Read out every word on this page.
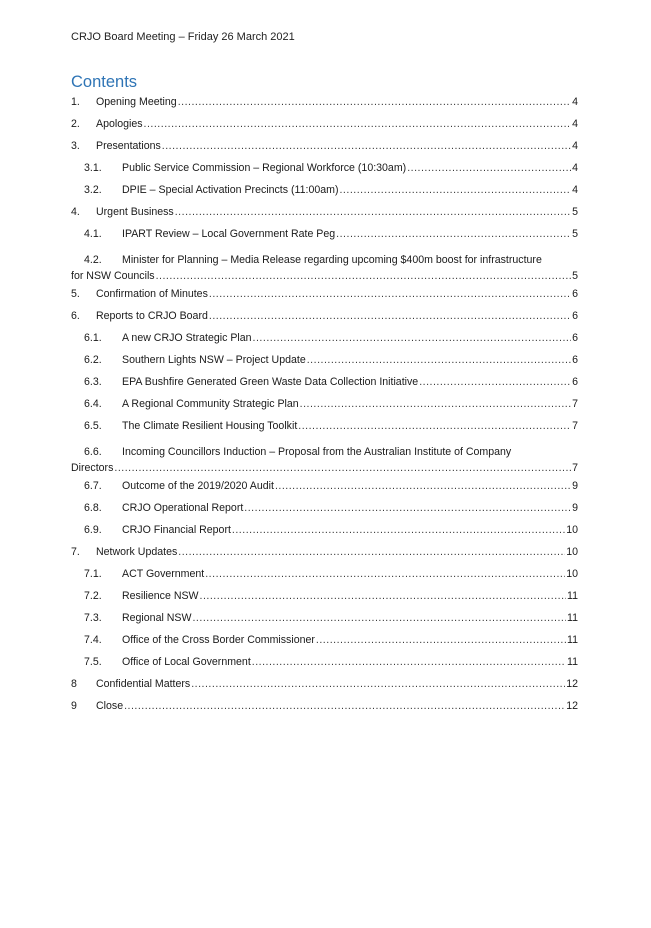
CRJO Board Meeting – Friday 26 March 2021
Contents
1.	Opening Meeting .....	4
2.	Apologies .....	4
3.	Presentations .....	4
3.1.	Public Service Commission – Regional Workforce (10:30am) .....	4
3.2.	DPIE – Special Activation Precincts (11:00am) .....	4
4.	Urgent Business .....	5
4.1.	IPART Review – Local Government Rate Peg .....	5
4.2. Minister for Planning – Media Release regarding upcoming $400m boost for infrastructure
for NSW Councils .....	5
5.	Confirmation of Minutes .....	6
6.	Reports to CRJO Board .....	6
6.1.	A new CRJO Strategic Plan .....	6
6.2.	Southern Lights NSW – Project Update .....	6
6.3.	EPA Bushfire Generated Green Waste Data Collection Initiative .....	6
6.4.	A Regional Community Strategic Plan .....	7
6.5.	The Climate Resilient Housing Toolkit .....	7
6.6. Incoming Councillors Induction – Proposal from the Australian Institute of Company
Directors .....	7
6.7.	Outcome of the 2019/2020 Audit .....	9
6.8.	CRJO Operational Report .....	9
6.9.	CRJO Financial Report .....	10
7.	Network Updates .....	10
7.1.	ACT Government .....	10
7.2.	Resilience NSW .....	11
7.3.	Regional NSW .....	11
7.4.	Office of the Cross Border Commissioner .....	11
7.5.	Office of Local Government .....	11
8	Confidential Matters .....	12
9	Close .....	12
